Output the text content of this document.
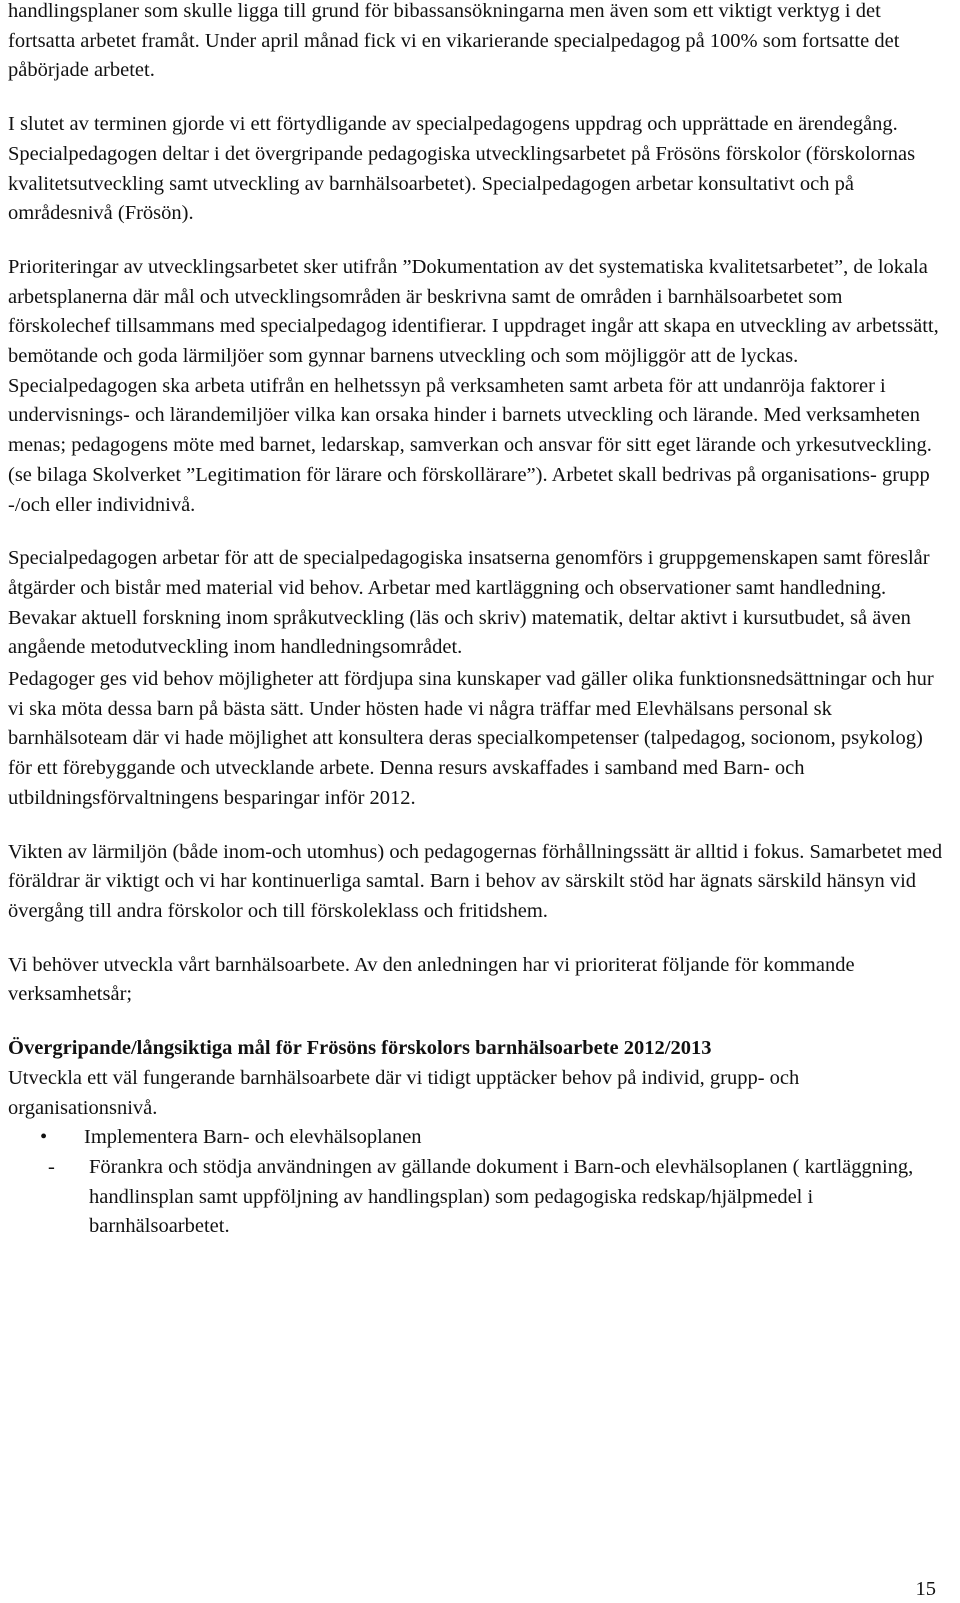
handlingsplaner som skulle ligga till grund för bibassansökningarna men även som ett viktigt verktyg i det fortsatta arbetet framåt. Under april månad fick vi en vikarierande specialpedagog på 100% som fortsatte det påbörjade arbetet.

I slutet av terminen gjorde vi ett förtydligande av specialpedagogens uppdrag och upprättade en ärendegång. Specialpedagogen deltar i det övergripande pedagogiska utvecklingsarbetet på Frösöns förskolor (förskolornas kvalitetsutveckling samt utveckling av barnhälsoarbetet). Specialpedagogen arbetar konsultativt och på områdesnivå (Frösön).

Prioriteringar av utvecklingsarbetet sker utifrån ”Dokumentation av det systematiska kvalitetsarbetet”, de lokala arbetsplanerna där mål och utvecklingsområden är beskrivna samt de områden i barnhälsoarbetet som förskolechef tillsammans med specialpedagog identifierar. I uppdraget ingår att skapa en utveckling av arbetssätt, bemötande och goda lärmiljöer som gynnar barnens utveckling och som möjliggör att de lyckas. Specialpedagogen ska arbeta utifrån en helhetssyn på verksamheten samt arbeta för att undanröja faktorer i undervisnings- och lärandemiljöer vilka kan orsaka hinder i barnets utveckling och lärande. Med verksamheten menas; pedagogens möte med barnet, ledarskap, samverkan och ansvar för sitt eget lärande och yrkesutveckling. (se bilaga Skolverket ”Legitimation för lärare och förskollärare”). Arbetet skall bedrivas på organisations- grupp -/och eller individnivå.

Specialpedagogen arbetar för att de specialpedagogiska insatserna genomförs i gruppgemenskapen samt föreslår åtgärder och bistår med material vid behov. Arbetar med kartläggning och observationer samt handledning. Bevakar aktuell forskning inom språkutveckling (läs och skriv) matematik, deltar aktivt i kursutbudet, så även angående metodutveckling inom handledningsområdet.

Pedagoger ges vid behov möjligheter att fördjupa sina kunskaper vad gäller olika funktionsnedsättningar och hur vi ska möta dessa barn på bästa sätt. Under hösten hade vi några träffar med Elevhälsans personal sk barnhälsoteam där vi hade möjlighet att konsultera deras specialkompetenser (talpedagog, socionom, psykolog) för ett förebyggande och utvecklande arbete. Denna resurs avskaffades i samband med Barn- och utbildningsförvaltningens besparingar inför 2012.

Vikten av lärmiljön (både inom-och utomhus) och pedagogernas förhållningssätt är alltid i fokus. Samarbetet med föräldrar är viktigt och vi har kontinuerliga samtal. Barn i behov av särskilt stöd har ägnats särskild hänsyn vid övergång till andra förskolor och till förskoleklass och fritidshem.

Vi behöver utveckla vårt barnhälsoarbete. Av den anledningen har vi prioriterat följande för kommande verksamhetsår;

Övergripande/långsiktiga mål för Frösöns förskolors barnhälsoarbete 2012/2013

Utveckla ett väl fungerande barnhälsoarbete där vi tidigt upptäcker behov på individ, grupp- och organisationsnivå.

• Implementera Barn- och elevhälsoplanen
- Förankra och stödja användningen av gällande dokument i Barn-och elevhälsoplanen ( kartläggning, handlinsplan samt uppföljning av handlingsplan) som pedagogiska redskap/hjälpmedel i barnhälsoarbetet.
15
